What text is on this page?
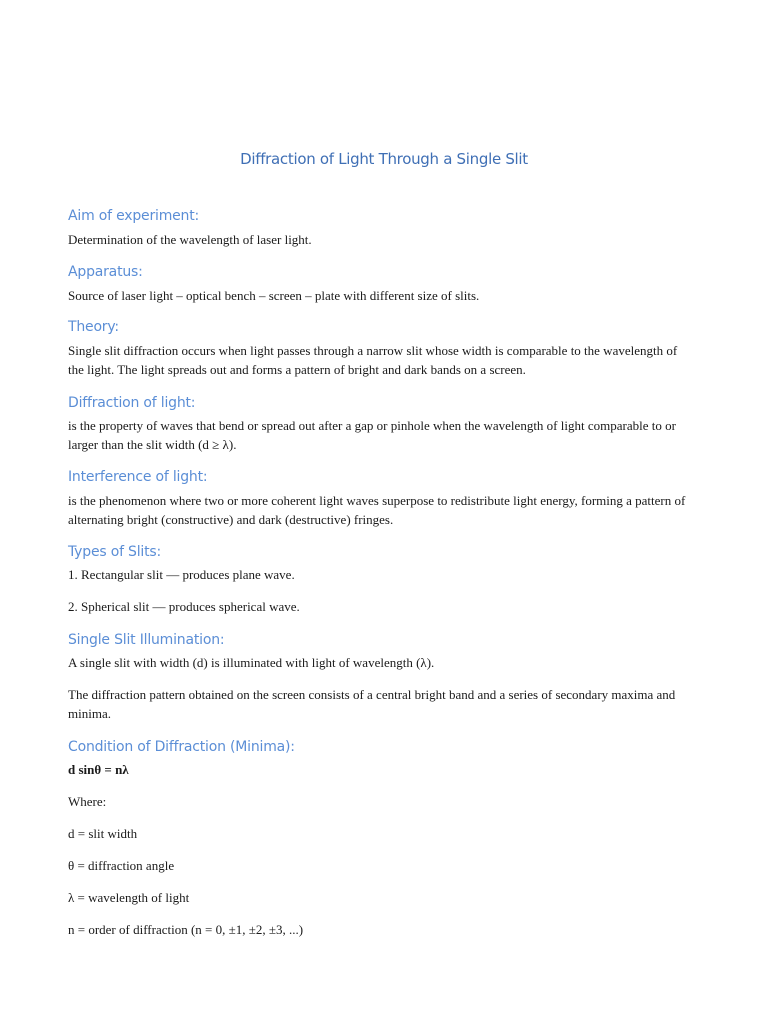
Diffraction of Light Through a Single Slit
Aim of experiment:

Determination of the wavelength of laser light.

Apparatus:

Source of laser light – optical bench – screen – plate with different size of slits.

Theory:

Single slit diffraction occurs when light passes through a narrow slit whose width is comparable to the wavelength of the light. The light spreads out and forms a pattern of bright and dark bands on a screen.

Diffraction of light:

is the property of waves that bend or spread out after a gap or pinhole when the wavelength of light comparable to or larger than the slit width (d ≥ λ).

Interference of light:

is the phenomenon where two or more coherent light waves superpose to redistribute light energy, forming a pattern of alternating bright (constructive) and dark (destructive) fringes.

Types of Slits:

1. Rectangular slit — produces plane wave.

2. Spherical slit — produces spherical wave.

Single Slit Illumination:

A single slit with width (d) is illuminated with light of wavelength (λ).

The diffraction pattern obtained on the screen consists of a central bright band and a series of secondary maxima and minima.

Condition of Diffraction (Minima):

d sinθ = nλ

Where:

d = slit width

θ = diffraction angle

λ = wavelength of light

n = order of diffraction (n = 0, ±1, ±2, ±3, ...)
